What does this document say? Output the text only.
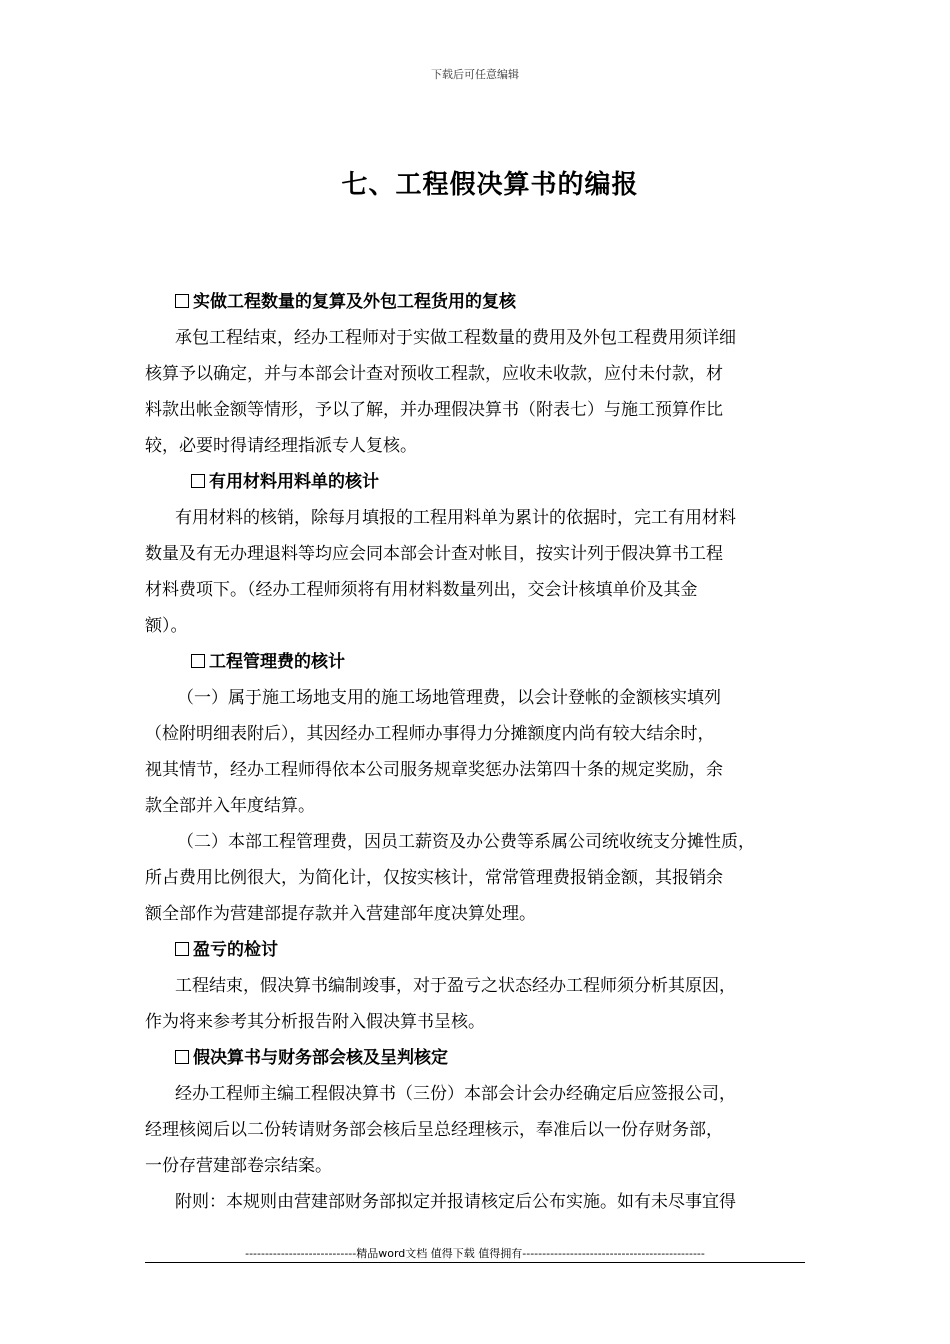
下载后可任意编辑
七、工程假决算书的编报
实做工程数量的复算及外包工程货用的复核
承包工程结束，经办工程师对于实做工程数量的费用及外包工程费用须详细
核算予以确定，并与本部会计查对预收工程款，应收未收款，应付未付款，材
料款出帐金额等情形，予以了解，并办理假决算书（附表七）与施工预算作比
较，必要时得请经理指派专人复核。
有用材料用料单的核计
有用材料的核销，除每月填报的工程用料单为累计的依据时，完工有用材料
数量及有无办理退料等均应会同本部会计查对帐目，按实计列于假决算书工程
材料费项下。（经办工程师须将有用材料数量列出，交会计核填单价及其金
额）。
工程管理费的核计
（一）属于施工场地支用的施工场地管理费，以会计登帐的金额核实填列
（检附明细表附后），其因经办工程师办事得力分摊额度内尚有较大结余时，
视其情节，经办工程师得依本公司服务规章奖惩办法第四十条的规定奖励，余
款全部并入年度结算。
（二）本部工程管理费，因员工薪资及办公费等系属公司统收统支分摊性质，
所占费用比例很大，为简化计，仅按实核计，常常管理费报销金额，其报销余
额全部作为营建部提存款并入营建部年度决算处理。
盈亏的检讨
工程结束，假决算书编制竣事，对于盈亏之状态经办工程师须分析其原因，
作为将来参考其分析报告附入假决算书呈核。
假决算书与财务部会核及呈判核定
经办工程师主编工程假决算书（三份）本部会计会办经确定后应签报公司，
经理核阅后以二份转请财务部会核后呈总经理核示，奉准后以一份存财务部，
一份存营建部卷宗结案。
附则：本规则由营建部财务部拟定并报请核定后公布实施。如有未尽事宜得
----------------------------精品word文档 值得下载 值得拥有----------------------------------------------
